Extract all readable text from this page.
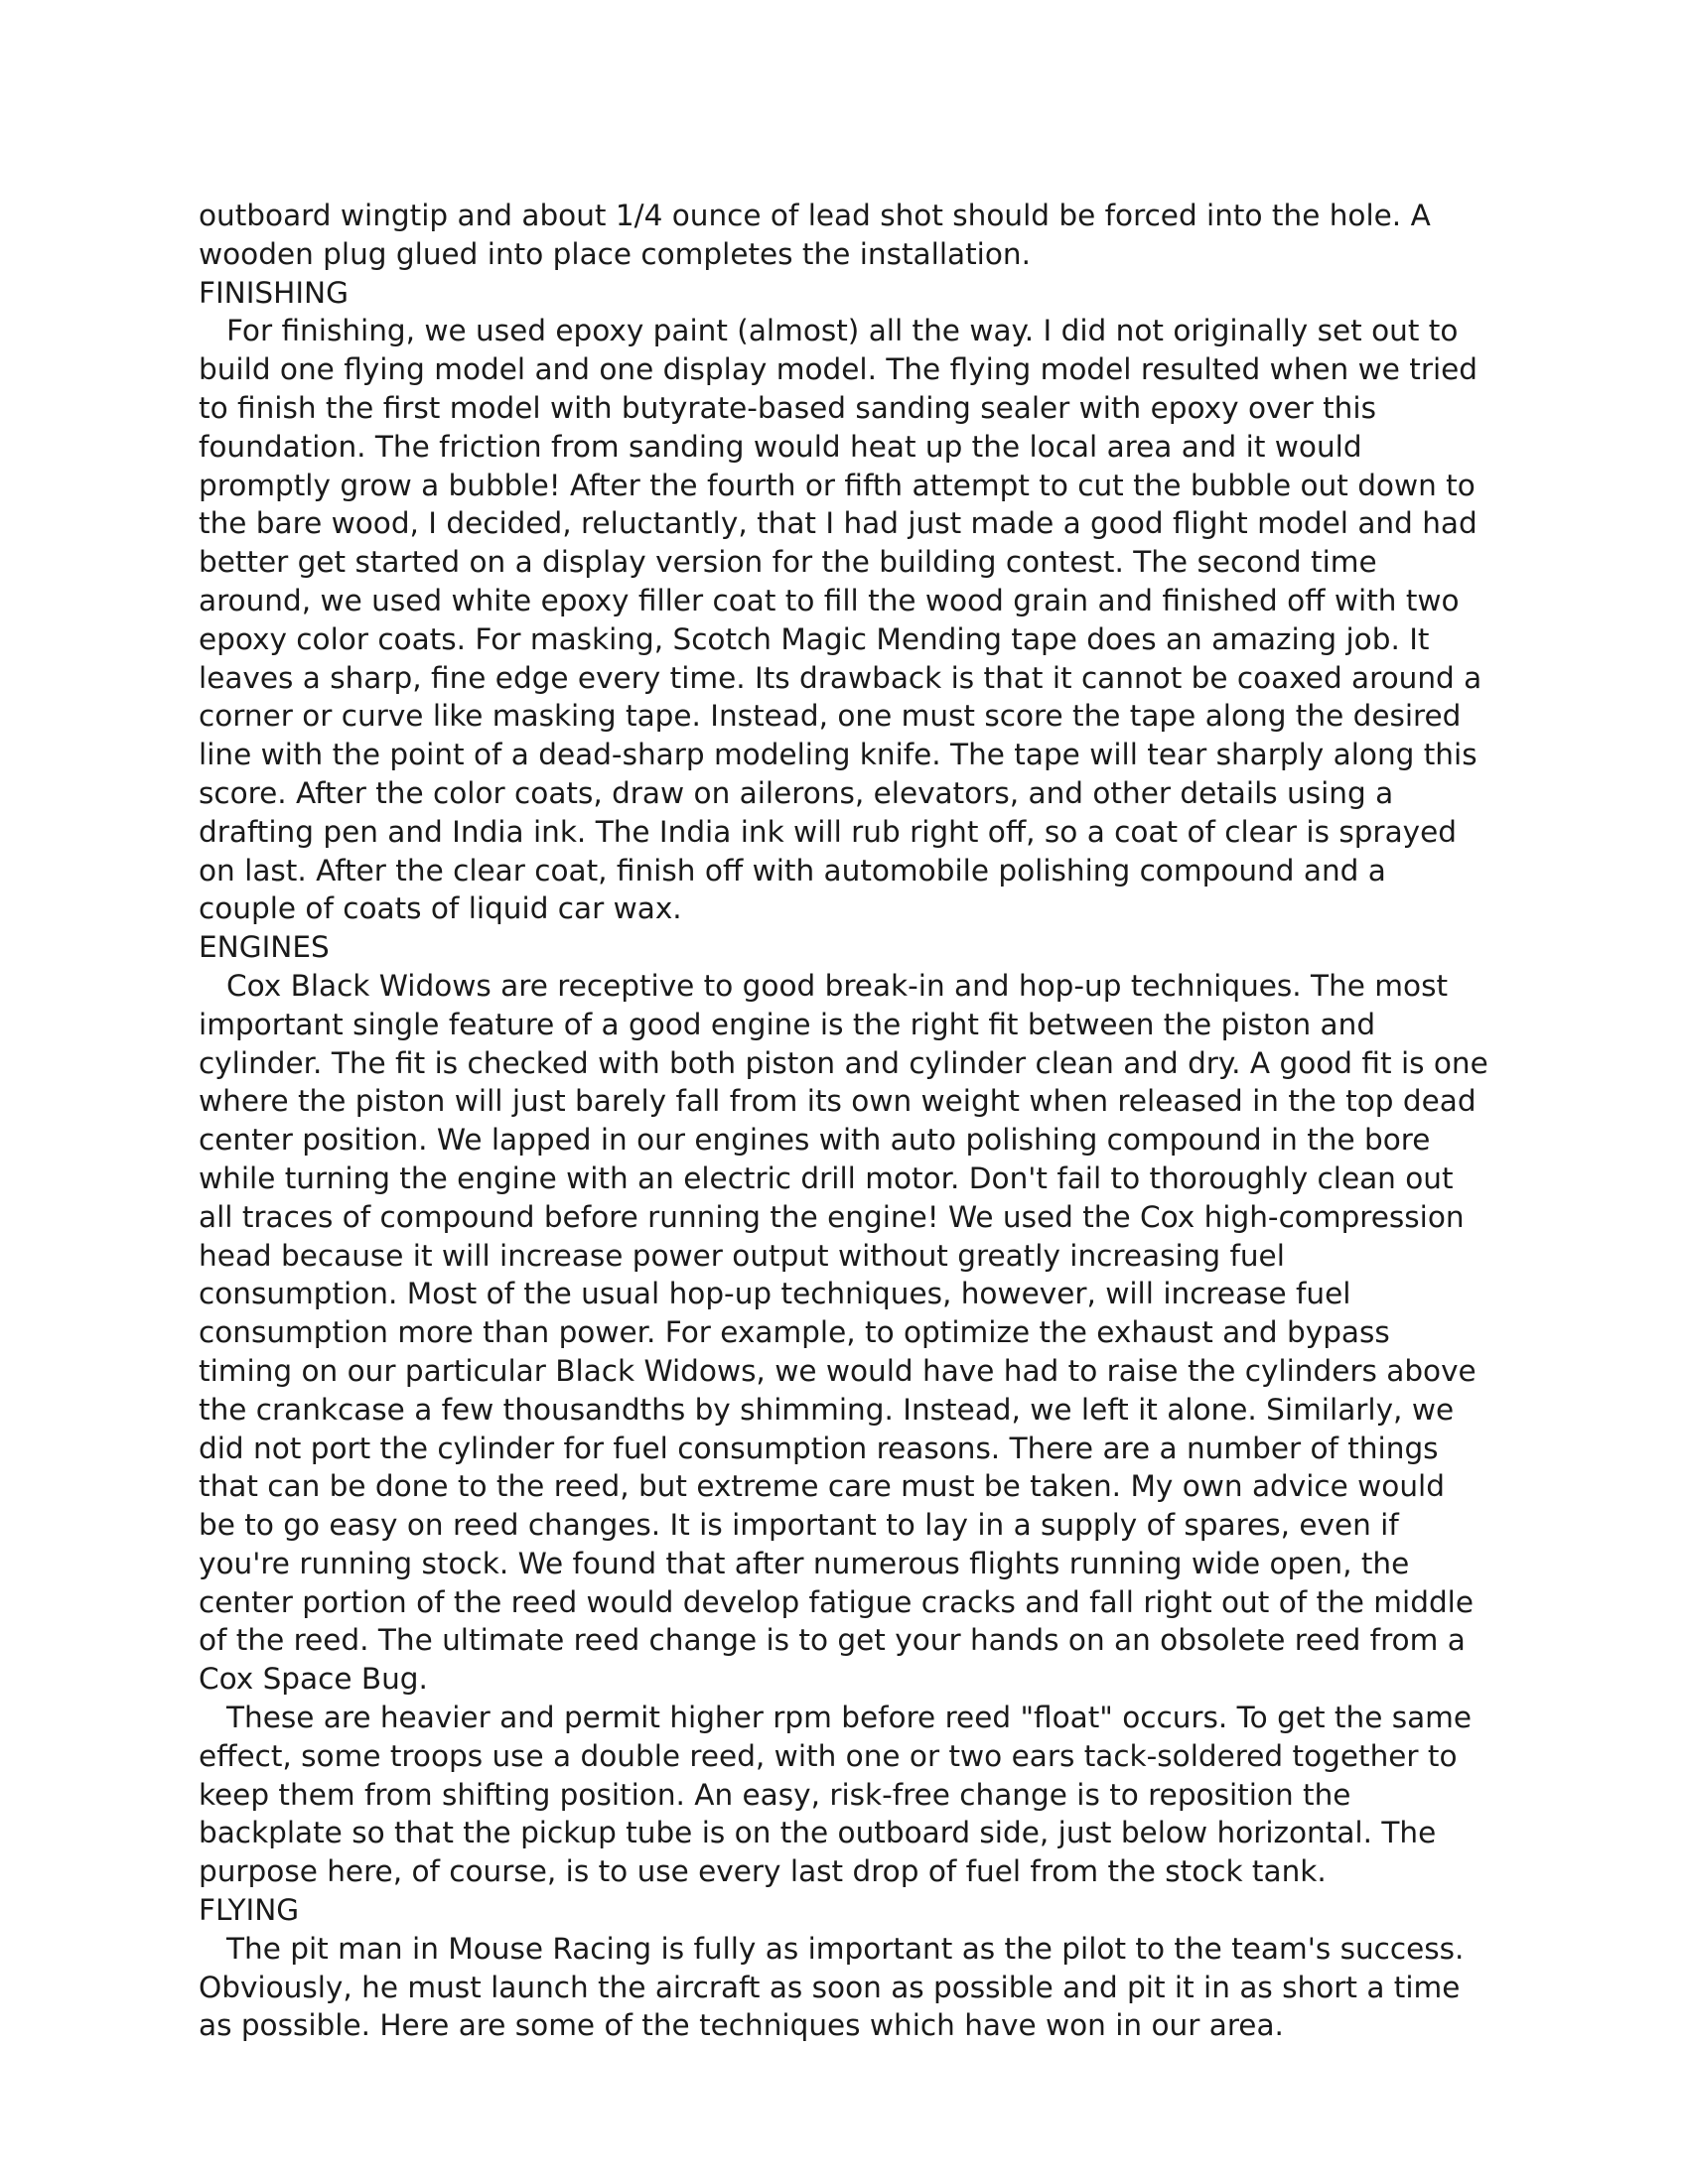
outboard wingtip and about 1/4 ounce of lead shot should be forced into the hole. A wooden plug glued into place completes the installation.

FINISHING

For finishing, we used epoxy paint (almost) all the way. I did not originally set out to build one flying model and one display model. The flying model resulted when we tried to finish the first model with butyrate-based sanding sealer with epoxy over this foundation. The friction from sanding would heat up the local area and it would promptly grow a bubble! After the fourth or fifth attempt to cut the bubble out down to the bare wood, I decided, reluctantly, that I had just made a good flight model and had better get started on a display version for the building contest. The second time around, we used white epoxy filler coat to fill the wood grain and finished off with two epoxy color coats. For masking, Scotch Magic Mending tape does an amazing job. It leaves a sharp, fine edge every time. Its drawback is that it cannot be coaxed around a corner or curve like masking tape. Instead, one must score the tape along the desired line with the point of a dead-sharp modeling knife. The tape will tear sharply along this score. After the color coats, draw on ailerons, elevators, and other details using a drafting pen and India ink. The India ink will rub right off, so a coat of clear is sprayed on last. After the clear coat, finish off with automobile polishing compound and a couple of coats of liquid car wax.

ENGINES

Cox Black Widows are receptive to good break-in and hop-up techniques. The most important single feature of a good engine is the right fit between the piston and cylinder. The fit is checked with both piston and cylinder clean and dry. A good fit is one where the piston will just barely fall from its own weight when released in the top dead center position. We lapped in our engines with auto polishing compound in the bore while turning the engine with an electric drill motor. Don't fail to thoroughly clean out all traces of compound before running the engine! We used the Cox high-compression head because it will increase power output without greatly increasing fuel consumption. Most of the usual hop-up techniques, however, will increase fuel consumption more than power. For example, to optimize the exhaust and bypass timing on our particular Black Widows, we would have had to raise the cylinders above the crankcase a few thousandths by shimming. Instead, we left it alone. Similarly, we did not port the cylinder for fuel consumption reasons. There are a number of things that can be done to the reed, but extreme care must be taken. My own advice would be to go easy on reed changes. It is important to lay in a supply of spares, even if you're running stock. We found that after numerous flights running wide open, the center portion of the reed would develop fatigue cracks and fall right out of the middle of the reed. The ultimate reed change is to get your hands on an obsolete reed from a Cox Space Bug.

These are heavier and permit higher rpm before reed "float" occurs. To get the same effect, some troops use a double reed, with one or two ears tack-soldered together to keep them from shifting position. An easy, risk-free change is to reposition the backplate so that the pickup tube is on the outboard side, just below horizontal. The purpose here, of course, is to use every last drop of fuel from the stock tank.

FLYING

The pit man in Mouse Racing is fully as important as the pilot to the team's success. Obviously, he must launch the aircraft as soon as possible and pit it in as short a time as possible. Here are some of the techniques which have won in our area.
